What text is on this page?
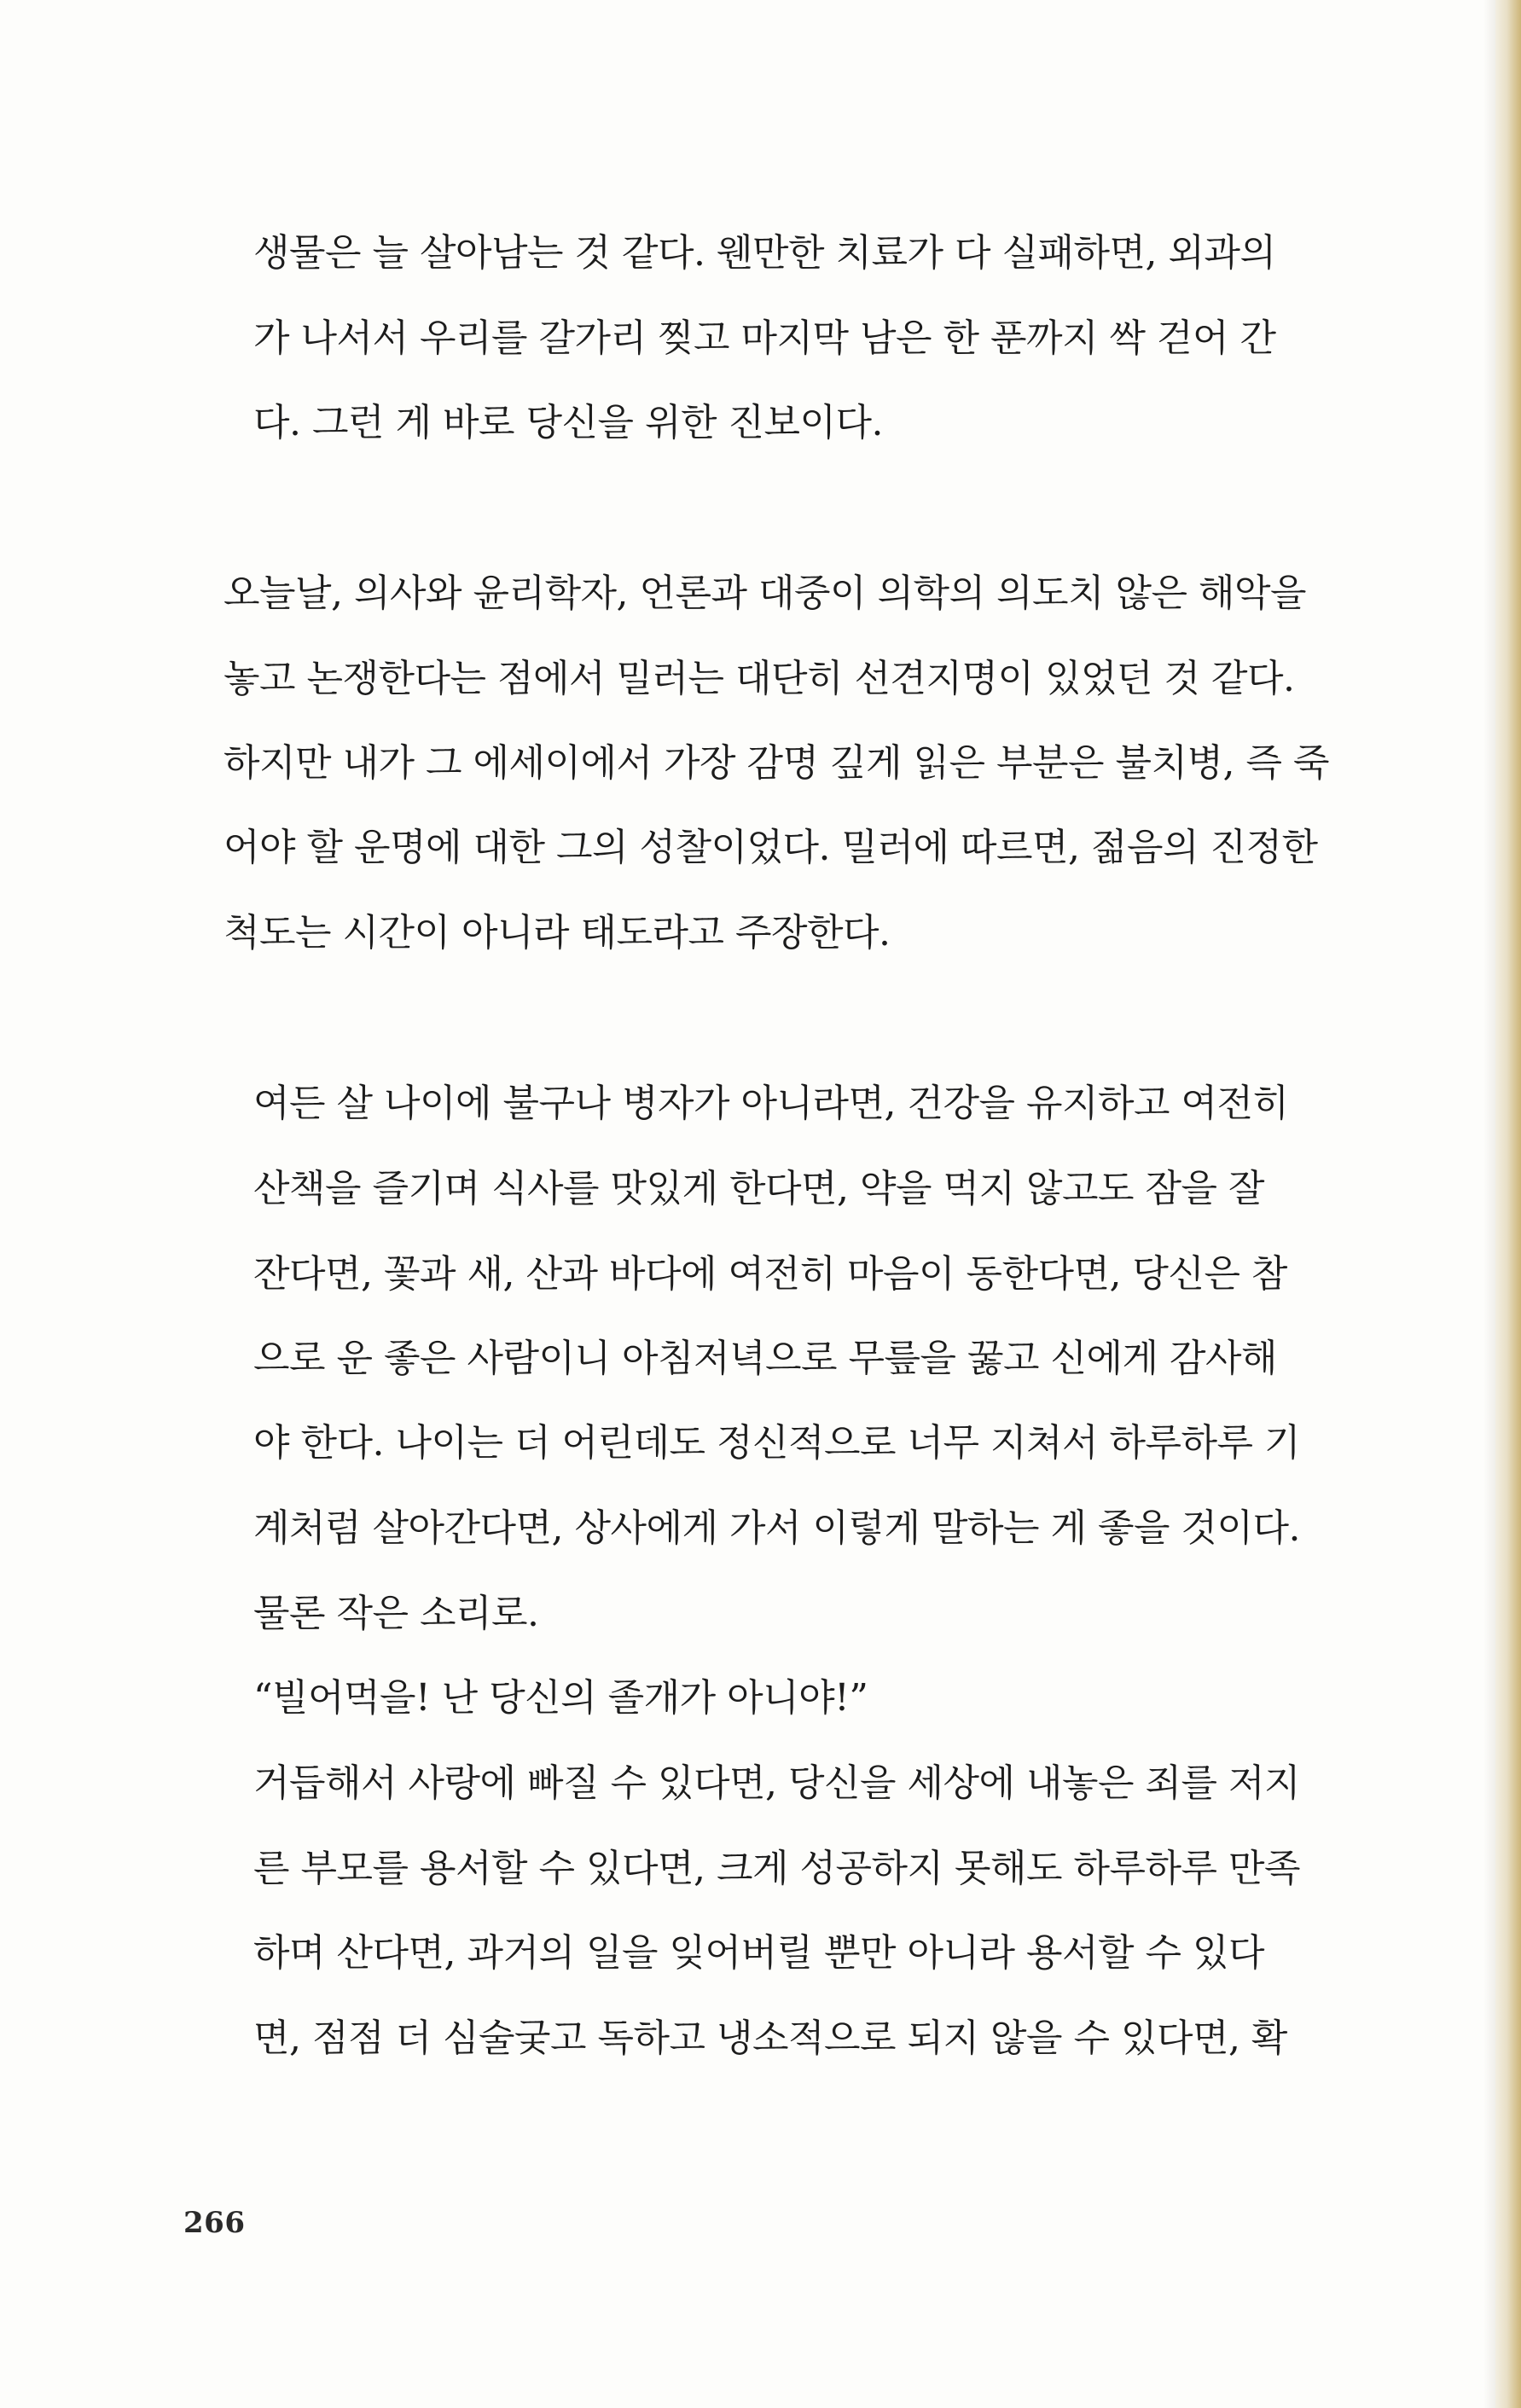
생물은 늘 살아남는 것 같다. 웬만한 치료가 다 실패하면, 외과의
가 나서서 우리를 갈가리 찢고 마지막 남은 한 푼까지 싹 걷어 간
다. 그런 게 바로 당신을 위한 진보이다.
오늘날, 의사와 윤리학자, 언론과 대중이 의학의 의도치 않은 해악을
놓고 논쟁한다는 점에서 밀러는 대단히 선견지명이 있었던 것 같다.
하지만 내가 그 에세이에서 가장 감명 깊게 읽은 부분은 불치병, 즉 죽
어야 할 운명에 대한 그의 성찰이었다. 밀러에 따르면, 젊음의 진정한
척도는 시간이 아니라 태도라고 주장한다.
여든 살 나이에 불구나 병자가 아니라면, 건강을 유지하고 여전히
산책을 즐기며 식사를 맛있게 한다면, 약을 먹지 않고도 잠을 잘
잔다면, 꽃과 새, 산과 바다에 여전히 마음이 동한다면, 당신은 참
으로 운 좋은 사람이니 아침저녁으로 무릎을 꿇고 신에게 감사해
야 한다. 나이는 더 어린데도 정신적으로 너무 지쳐서 하루하루 기
계처럼 살아간다면, 상사에게 가서 이렇게 말하는 게 좋을 것이다.
물론 작은 소리로.
“빌어먹을! 난 당신의 졸개가 아니야!”
거듭해서 사랑에 빠질 수 있다면, 당신을 세상에 내놓은 죄를 저지
른 부모를 용서할 수 있다면, 크게 성공하지 못해도 하루하루 만족
하며 산다면, 과거의 일을 잊어버릴 뿐만 아니라 용서할 수 있다
면, 점점 더 심술궂고 독하고 냉소적으로 되지 않을 수 있다면, 확
266
